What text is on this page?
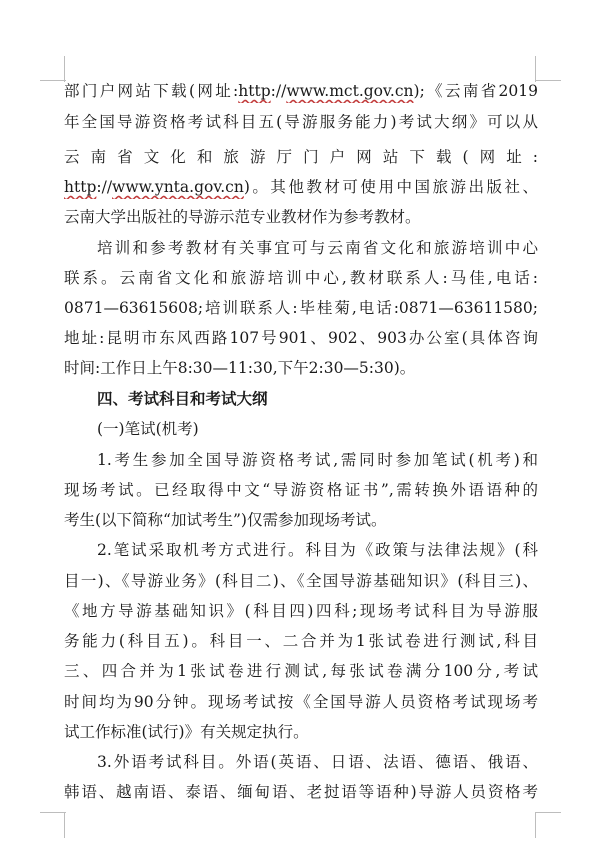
部门户网站下载(网址:http://www.mct.gov.cn);《云南省2019
年全国导游资格考试科目五(导游服务能力)考试大纲》可以从
云南省文化和旅游厅门户网站下载(网址:
http://www.ynta.gov.cn)。其他教材可使用中国旅游出版社、
云南大学出版社的导游示范专业教材作为参考教材。
培训和参考教材有关事宜可与云南省文化和旅游培训中心
联系。云南省文化和旅游培训中心,教材联系人:马佳,电话:
0871—63615608;培训联系人:毕桂菊,电话:0871—63611580;
地址:昆明市东风西路107号901、902、903办公室(具体咨询
时间:工作日上午8:30—11:30,下午2:30—5:30)。
四、考试科目和考试大纲
(一)笔试(机考)
1.考生参加全国导游资格考试,需同时参加笔试(机考)和
现场考试。已经取得中文“导游资格证书”,需转换外语语种的
考生(以下简称“加试考生”)仅需参加现场考试。
2.笔试采取机考方式进行。科目为《政策与法律法规》(科
目一)、《导游业务》(科目二)、《全国导游基础知识》(科目三)、
《地方导游基础知识》(科目四)四科;现场考试科目为导游服
务能力(科目五)。科目一、二合并为1张试卷进行测试,科目
三、四合并为1张试卷进行测试,每张试卷满分100分,考试
时间均为90分钟。现场考试按《全国导游人员资格考试现场考
试工作标准(试行)》有关规定执行。
3.外语考试科目。外语(英语、日语、法语、德语、俄语、
韩语、越南语、泰语、缅甸语、老挝语等语种)导游人员资格考
